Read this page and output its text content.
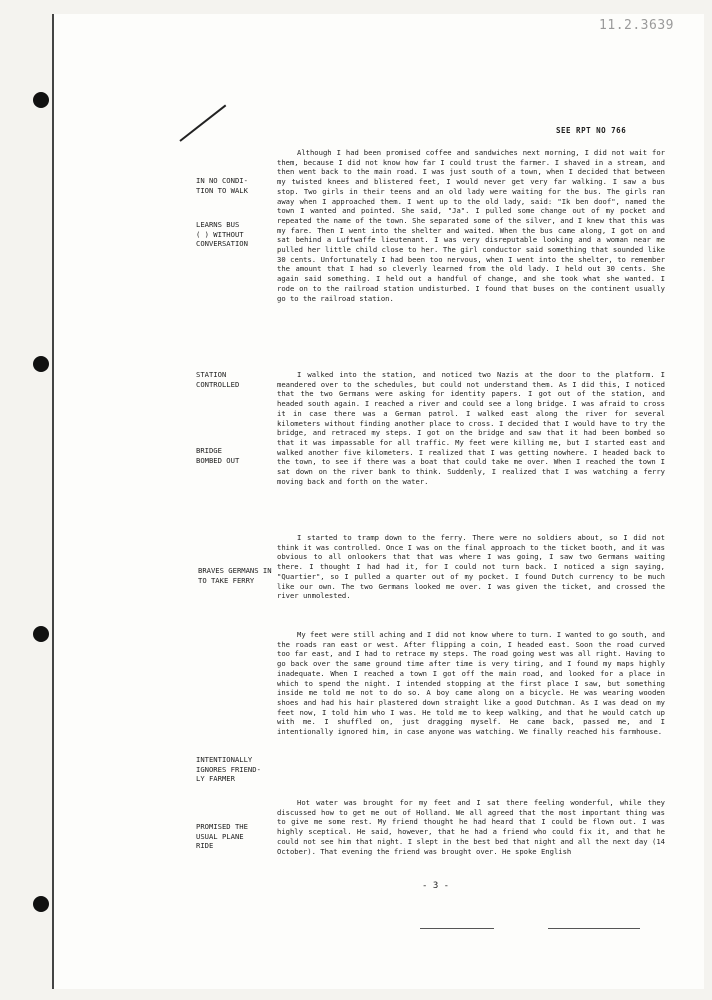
11.2.3639
SEE RPT NO 766
IN NO CONDI-
TION TO WALK
LEARNS BUS
( ) WITHOUT
CONVERSATION
STATION
CONTROLLED
BRIDGE
BOMBED OUT
BRAVES GERMANS IN
TO TAKE FERRY
INTENTIONALLY
IGNORES FRIEND-
LY FARMER
PROMISED THE
USUAL PLANE
RIDE
Although I had been promised coffee and sandwiches next morning, I did not wait for them, because I did not know how far I could trust the farmer. I shaved in a stream, and then went back to the main road. I was just south of a town, when I decided that between my twisted knees and blistered feet, I would never get very far walking. I saw a bus stop. Two girls in their teens and an old lady were waiting for the bus. The girls ran away when I approached them. I went up to the old lady, said: "Ik ben doof", named the town I wanted and pointed. She said, "Ja". I pulled some change out of my pocket and repeated the name of the town. She separated some of the silver, and I knew that this was my fare. Then I went into the shelter and waited. When the bus came along, I got on and sat behind a Luftwaffe lieutenant. I was very disreputable looking and a woman near me pulled her little child close to her. The girl conductor said something that sounded like 30 cents. Unfortunately I had been too nervous, when I went into the shelter, to remember the amount that I had so cleverly learned from the old lady. I held out 30 cents. She again said something. I held out a handful of change, and she took what she wanted. I rode on to the railroad station undisturbed. I found that buses on the continent usually go to the railroad station.
I walked into the station, and noticed two Nazis at the door to the platform. I meandered over to the schedules, but could not understand them. As I did this, I noticed that the two Germans were asking for identity papers. I got out of the station, and headed south again. I reached a river and could see a long bridge. I was afraid to cross it in case there was a German patrol. I walked east along the river for several kilometers without finding another place to cross. I decided that I would have to try the bridge, and retraced my steps. I got on the bridge and saw that it had been bombed so that it was impassable for all traffic. My feet were killing me, but I started east and walked another five kilometers. I realized that I was getting nowhere. I headed back to the town, to see if there was a boat that could take me over. When I reached the town I sat down on the river bank to think. Suddenly, I realized that I was watching a ferry moving back and forth on the water.
I started to tramp down to the ferry. There were no soldiers about, so I did not think it was controlled. Once I was on the final approach to the ticket booth, and it was obvious to all onlookers that that was where I was going, I saw two Germans waiting there. I thought I had had it, for I could not turn back. I noticed a sign saying, "Quartier", so I pulled a quarter out of my pocket. I found Dutch currency to be much like our own. The two Germans looked me over. I was given the ticket, and crossed the river unmolested.
My feet were still aching and I did not know where to turn. I wanted to go south, and the roads ran east or west. After flipping a coin, I headed east. Soon the road curved too far east, and I had to retrace my steps. The road going west was all right. Having to go back over the same ground time after time is very tiring, and I found my maps highly inadequate. When I reached a town I got off the main road, and looked for a place in which to spend the night. I intended stopping at the first place I saw, but something inside me told me not to do so. A boy came along on a bicycle. He was wearing wooden shoes and had his hair plastered down straight like a good Dutchman. As I was dead on my feet now, I told him who I was. He told me to keep walking, and that he would catch up with me. I shuffled on, just dragging myself. He came back, passed me, and I intentionally ignored him, in case anyone was watching. We finally reached his farmhouse.
Hot water was brought for my feet and I sat there feeling wonderful, while they discussed how to get me out of Holland. We all agreed that the most important thing was to give me some rest. My friend thought he had heard that I could be flown out. I was highly sceptical. He said, however, that he had a friend who could fix it, and that he could not see him that night. I slept in the best bed that night and all the next day (14 October). That evening the friend was brought over. He spoke English
- 3 -
